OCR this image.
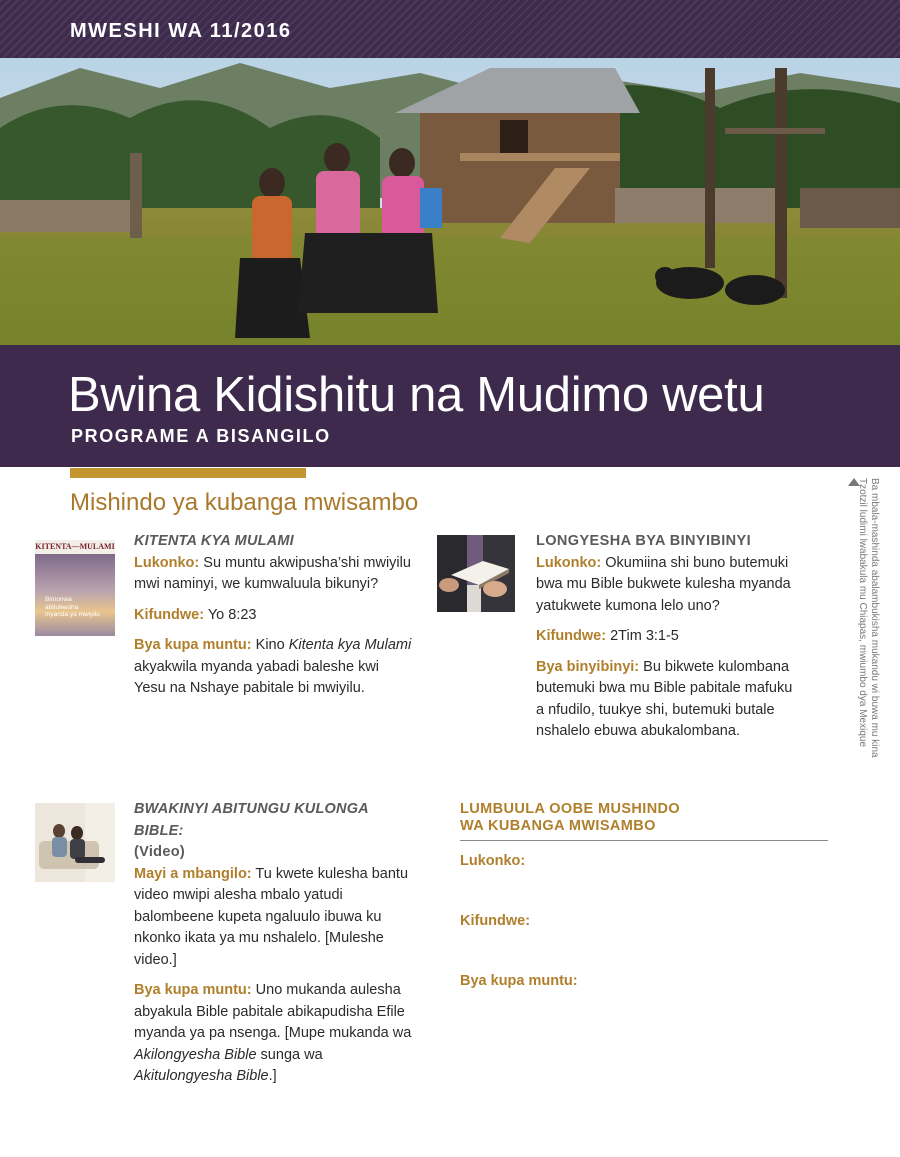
MWESHI WA 11/2016
Bwina Kidishitu na Mudimo wetu
PROGRAME A BISANGILO
Mishindo ya kubanga mwisambo	Ba mbala-mashinda abalambukisha mukandu wi buwa mu kina
Tzotzil ludimi lwabakula mu Chiapas, mwiumbo dya Mexique
KITENTA—MULAMI
Bimonwa abituleesha myanda ya mwiyilu
KITENTA KYA MULAMI

Lukonko: Su muntu akwipusha’shi mwiyilu mwi naminyi, we kumwaluula bikunyi?

Kifundwe: Yo 8:23

Bya kupa muntu: Kino Kitenta kya Mulami akyakwila myanda yabadi baleshe kwi Yesu na Nshaye pabitale bi mwiyilu.

LONGYESHA BYA BINYIBINYI

Lukonko: Okumiina shi buno butemuki bwa mu Bible bukwete kulesha myanda yatukwete kumona lelo uno?

Kifundwe: 2Tim 3:1-5

Bya binyibinyi: Bu bikwete kulombana butemuki bwa mu Bible pabitale mafuku a nfudilo, tuukye shi, butemuki butale nshalelo ebuwa abukalombana.

BWAKINYI ABITUNGU KULONGA BIBLE:
(Video)

Mayi a mbangilo: Tu kwete kulesha bantu video mwipi alesha mbalo yatudi balombeene kupeta ngaluulo ibuwa ku nkonko ikata ya mu nshalelo. [Muleshe video.]

Bya kupa muntu: Uno mukanda aulesha abyakula Bible pabitale abikapudisha Efile myanda ya pa nsenga. [Mupe mukanda wa Akilongyesha Bible sunga wa Akitulongyesha Bible.]

LUMBUULA OOBE MUSHINDO
WA KUBANGA MWISAMBO
Lukonko:
Kifundwe:
Bya kupa muntu:
